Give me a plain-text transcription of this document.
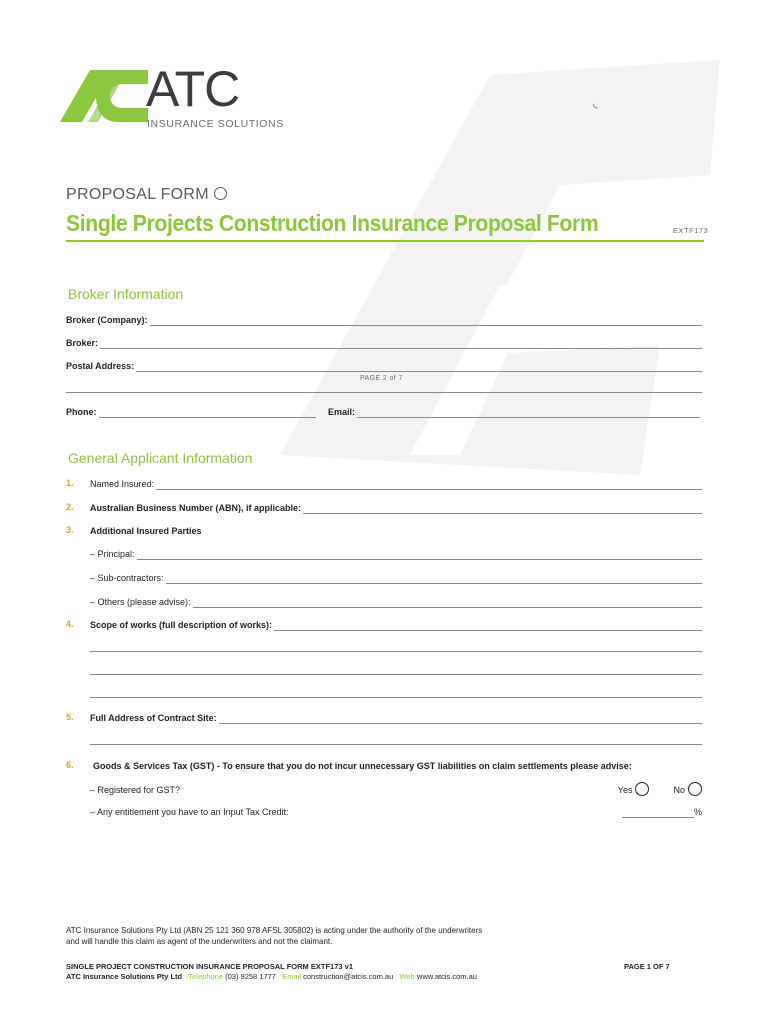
ATC
INSURANCE SOLUTIONS
◟
PROPOSAL FORM
Single Projects Construction Insurance Proposal Form	EXTF173
Broker Information
Broker (Company):
Broker:
Postal Address:
PAGE 2 of 7
Phone:	Email:
General Applicant Information
1. Named Insured:
2. Australian Business Number (ABN), if applicable:
3. Additional Insured Parties
– Principal:
– Sub-contractors:
– Others (please advise):
4. Scope of works (full description of works):
5. Full Address of Contract Site:
6. Goods & Services Tax (GST) - To ensure that you do not incur unnecessary GST liabilities on claim settlements please advise:
– Registered for GST?	Yes	No
– Any entitlement you have to an Input Tax Credit:	%
ATC Insurance Solutions Pty Ltd (ABN 25 121 360 978 AFSL 305802) is acting under the authority of the underwriters
and will handle this claim as agent of the underwriters and not the claimant.
SINGLE PROJECT CONSTRUCTION INSURANCE PROPOSAL FORM EXTF173 v1
ATC Insurance Solutions Pty Ltd Telephone (03) 9258 1777 Email construction@atcis.com.au Web www.atcis.com.au
PAGE 1 OF 7
